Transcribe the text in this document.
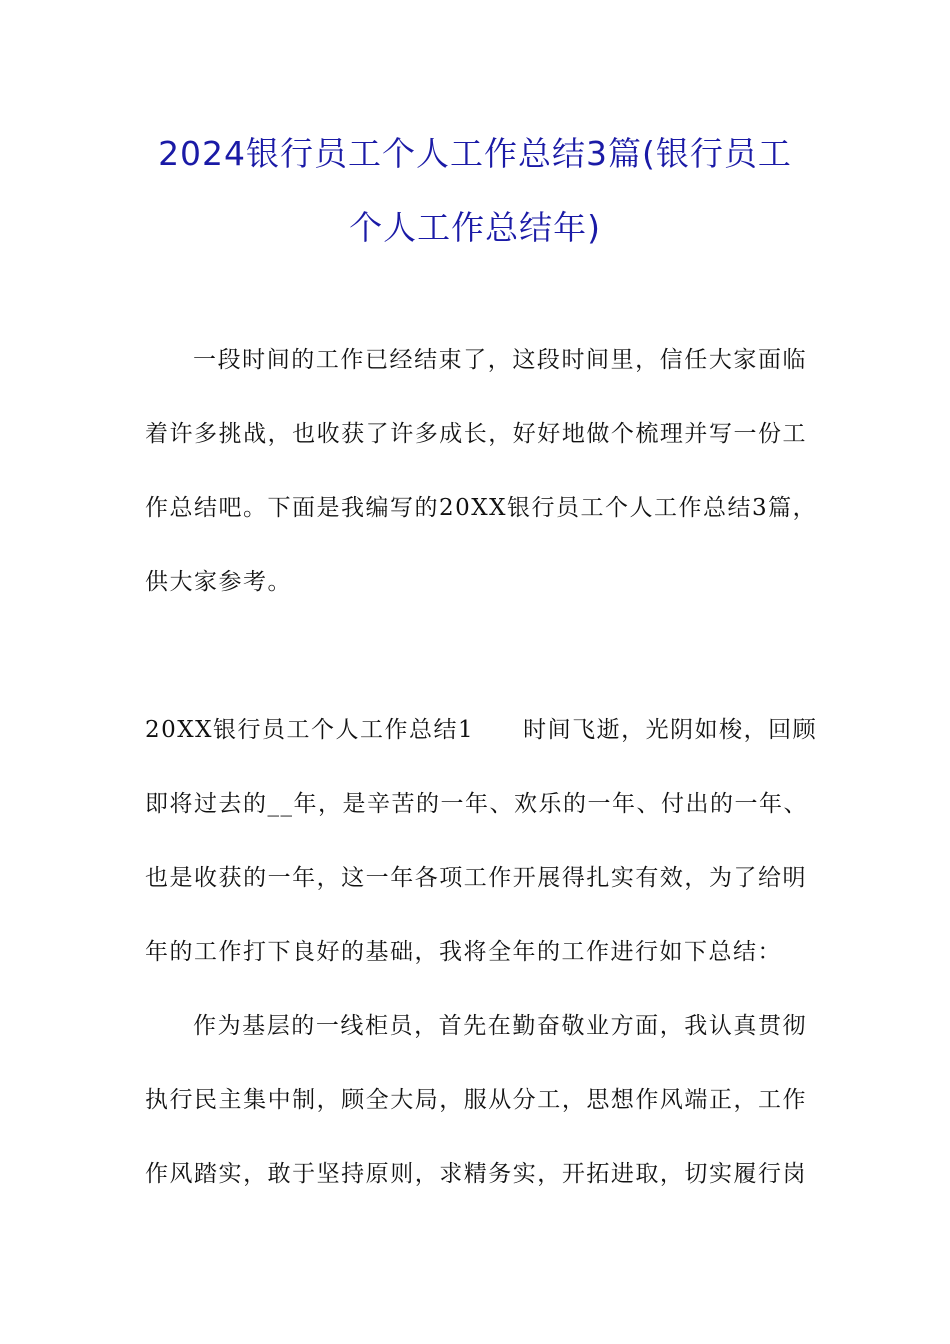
2024银行员工个人工作总结3篇(银行员工
个人工作总结年)
一段时间的工作已经结束了，这段时间里，信任大家面临
着许多挑战，也收获了许多成长，好好地做个梳理并写一份工
作总结吧。下面是我编写的20XX银行员工个人工作总结3篇，
供大家参考。
20XX银行员工个人工作总结1　　时间飞逝，光阴如梭，回顾
即将过去的__年，是辛苦的一年、欢乐的一年、付出的一年、
也是收获的一年，这一年各项工作开展得扎实有效，为了给明
年的工作打下良好的基础，我将全年的工作进行如下总结：
作为基层的一线柜员，首先在勤奋敬业方面，我认真贯彻
执行民主集中制，顾全大局，服从分工，思想作风端正，工作
作风踏实，敢于坚持原则，求精务实，开拓进取，切实履行岗
